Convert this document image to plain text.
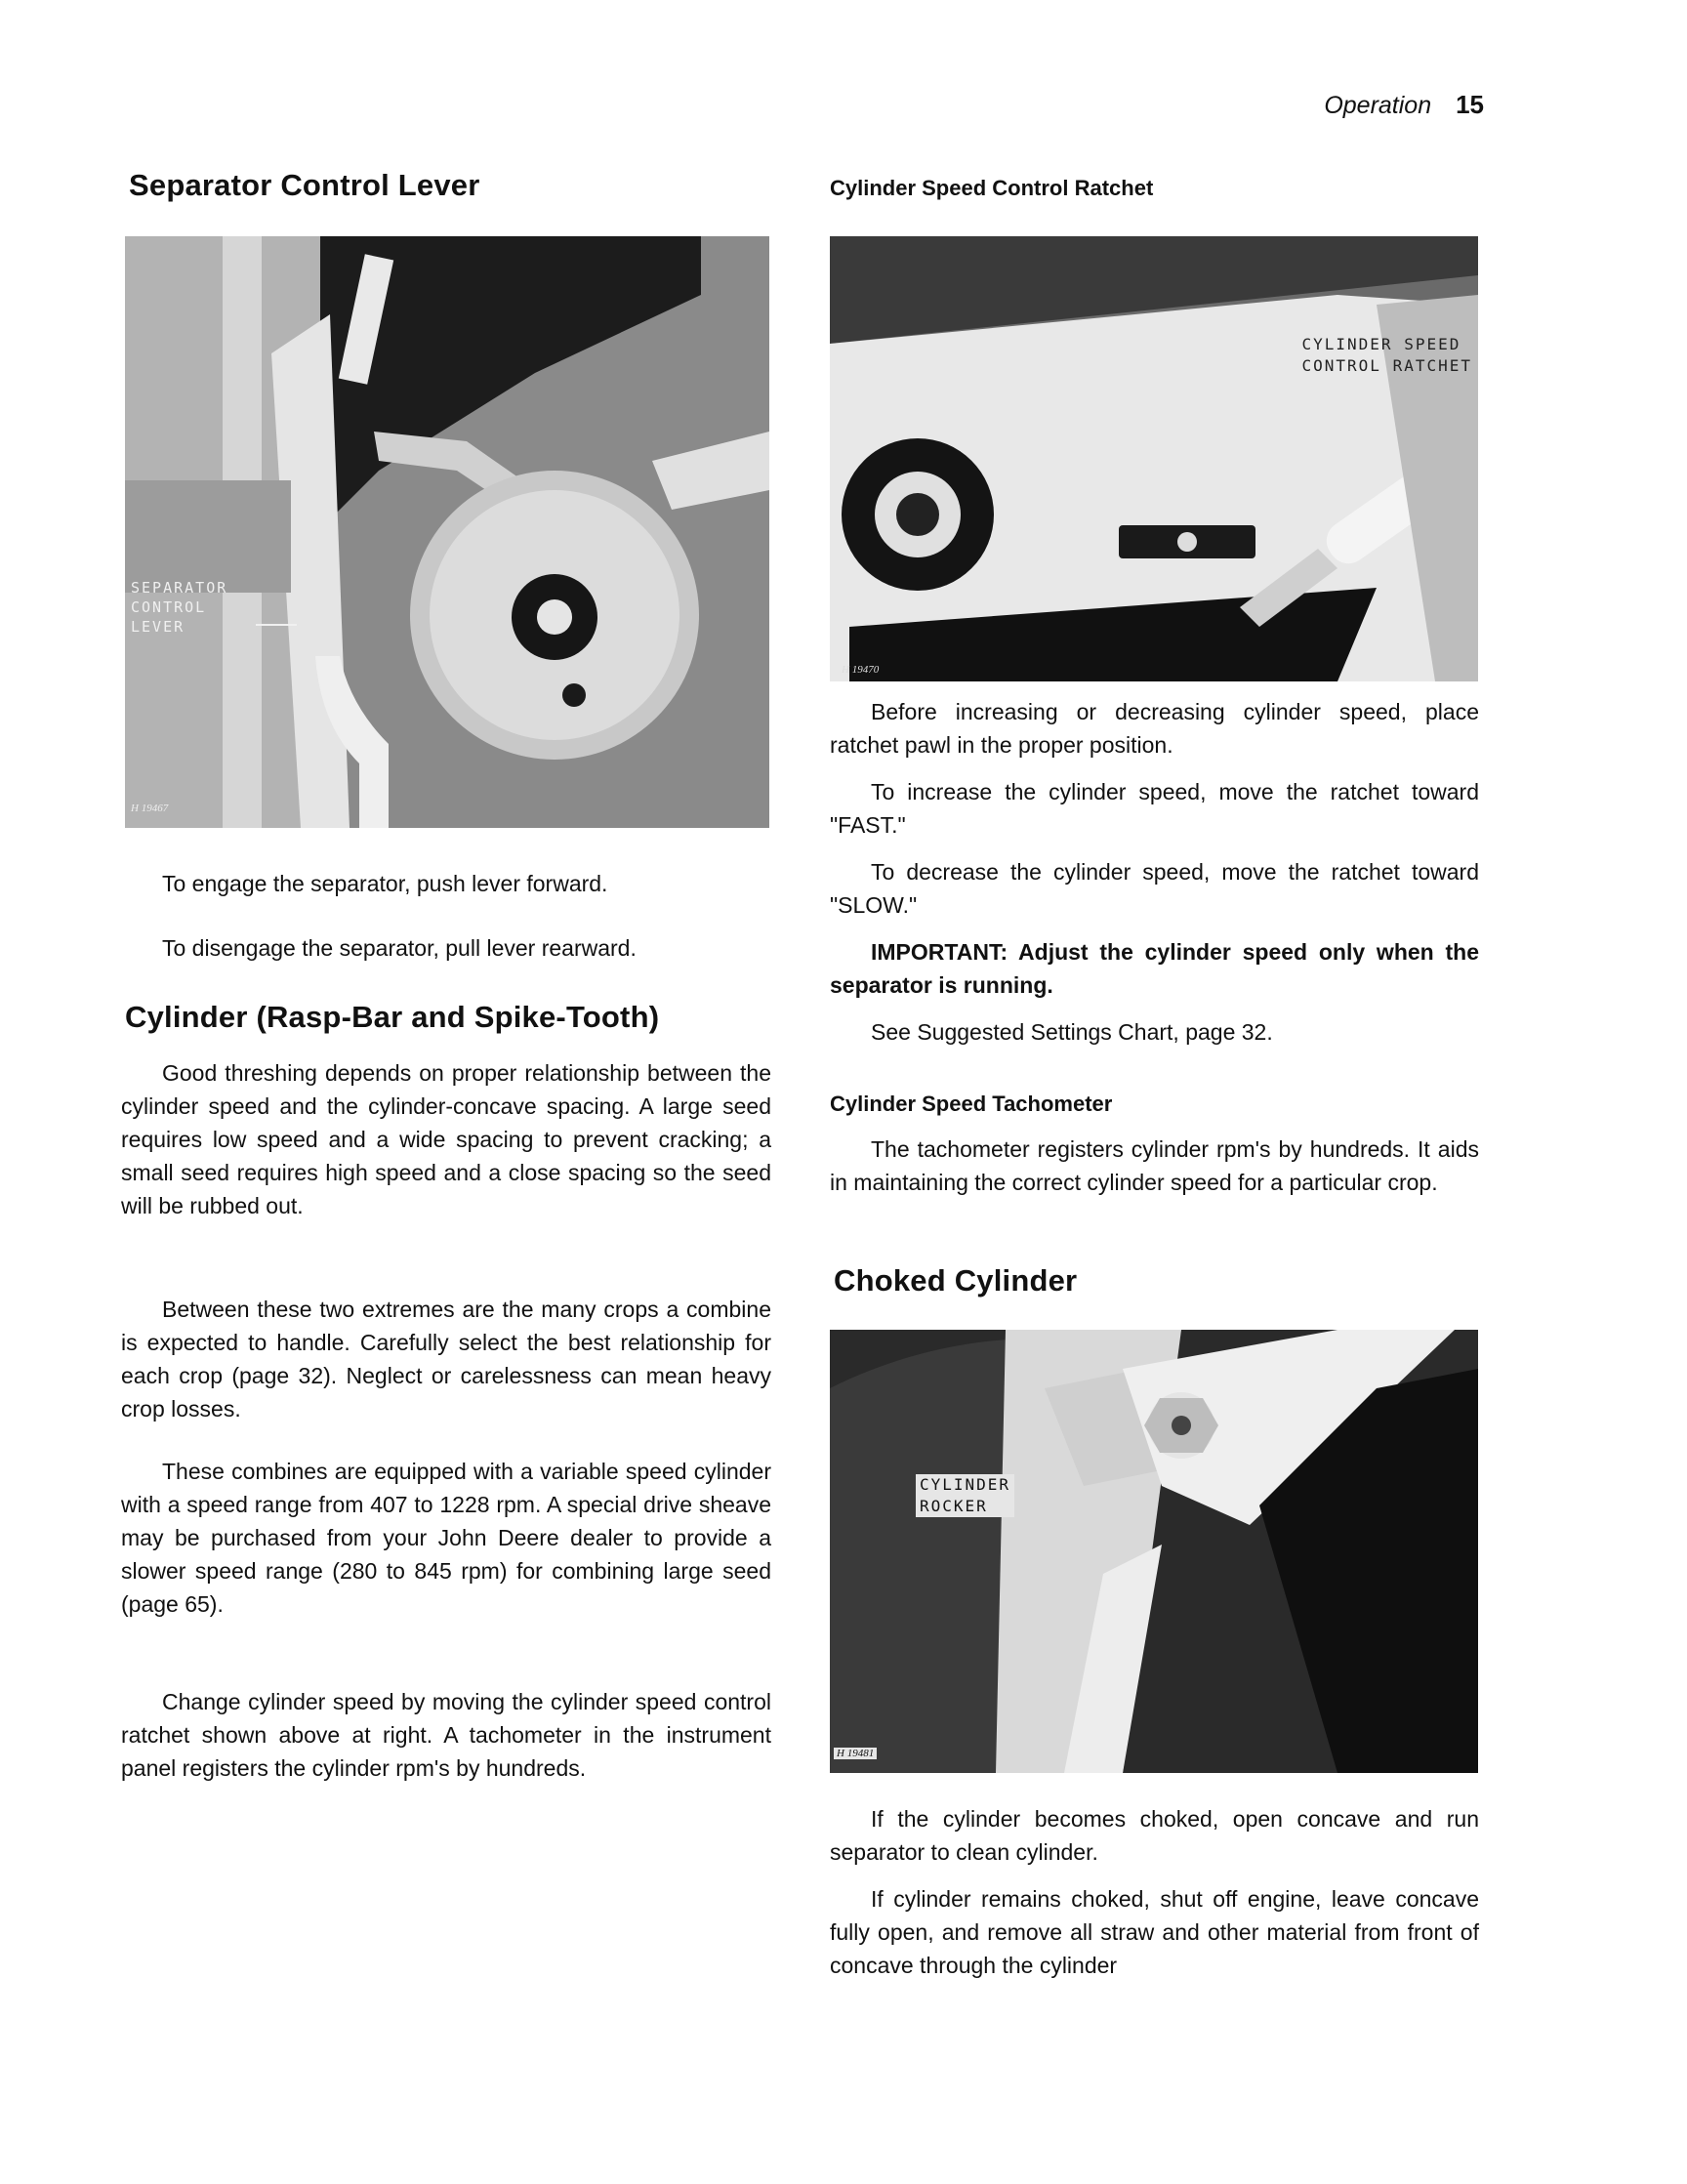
Operation 15
Separator Control Lever
SEPARATOR
CONTROL
LEVER
H 19467

To engage the separator, push lever forward.

To disengage the separator, pull lever rearward.

Cylinder (Rasp-Bar and Spike-Tooth)

Good threshing depends on proper relationship between the cylinder speed and the cylinder-concave spacing. A large seed requires low speed and a wide spacing to prevent cracking; a small seed requires high speed and a close spacing so the seed will be rubbed out.

Between these two extremes are the many crops a combine is expected to handle. Carefully select the best relationship for each crop (page 32). Neglect or carelessness can mean heavy crop losses.

These combines are equipped with a variable speed cylinder with a speed range from 407 to 1228 rpm. A special drive sheave may be purchased from your John Deere dealer to provide a slower speed range (280 to 845 rpm) for combining large seed (page 65).

Change cylinder speed by moving the cylinder speed control ratchet shown above at right. A tachometer in the instrument panel registers the cylinder rpm's by hundreds.

Cylinder Speed Control Ratchet
CYLINDER SPEED
CONTROL RATCHET
H 19470

Before increasing or decreasing cylinder speed, place ratchet pawl in the proper position.

To increase the cylinder speed, move the ratchet toward "FAST."

To decrease the cylinder speed, move the ratchet toward "SLOW."

IMPORTANT: Adjust the cylinder speed only when the separator is running.

See Suggested Settings Chart, page 32.

Cylinder Speed Tachometer

The tachometer registers cylinder rpm's by hundreds. It aids in maintaining the correct cylinder speed for a particular crop.

Choked Cylinder
CYLINDER
ROCKER
H 19481

If the cylinder becomes choked, open concave and run separator to clean cylinder.

If cylinder remains choked, shut off engine, leave concave fully open, and remove all straw and other material from front of concave through the cylinder
